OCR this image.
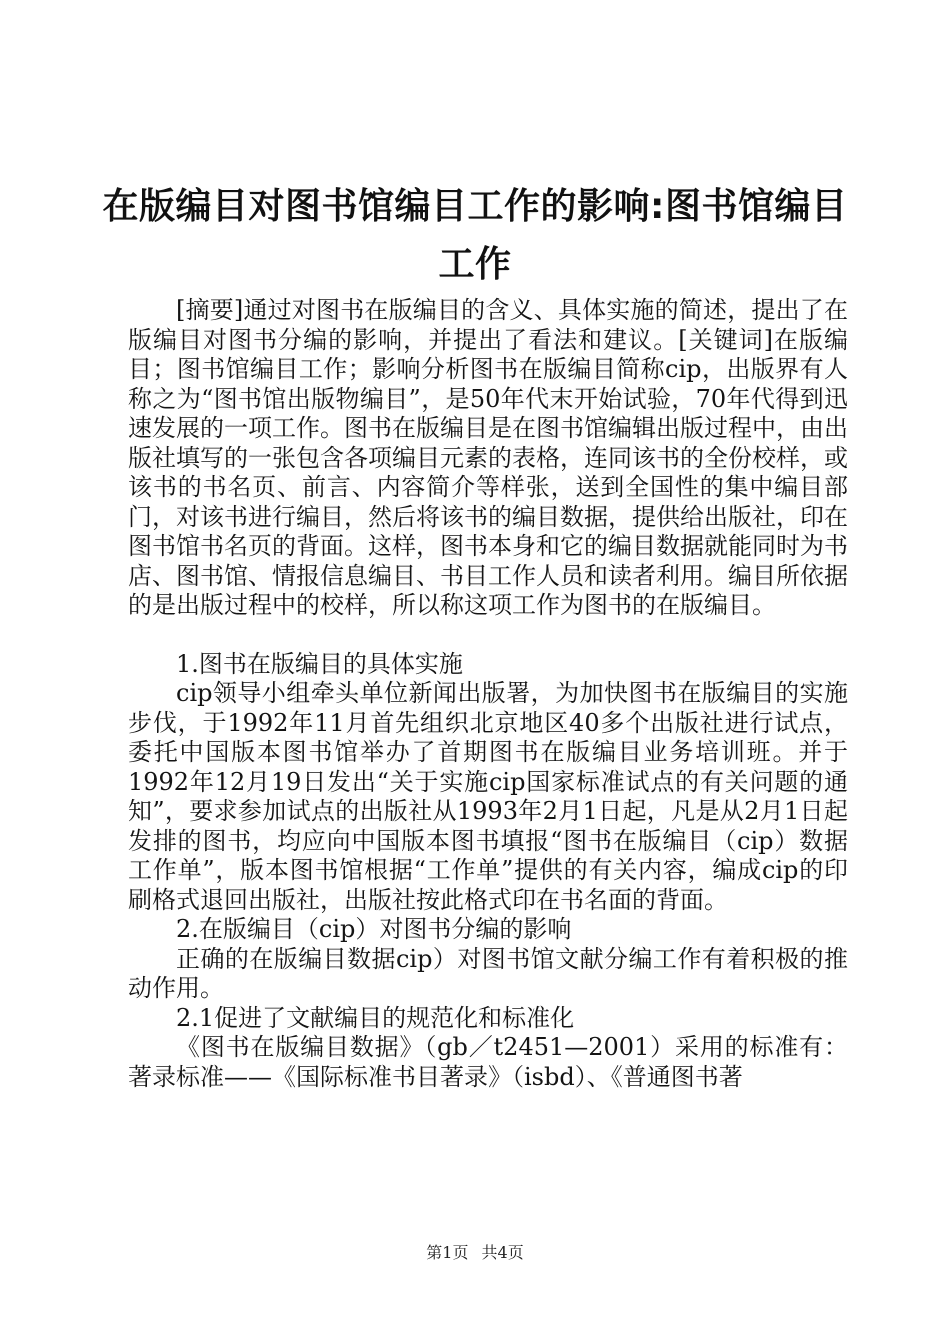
在版编目对图书馆编目工作的影响:图书馆编目工作

[摘要]通过对图书在版编目的含义、具体实施的简述，提出了在版编目对图书分编的影响，并提出了看法和建议。[关键词]在版编目；图书馆编目工作；影响分析图书在版编目简称cip，出版界有人称之为“图书馆出版物编目”，是50年代末开始试验，70年代得到迅速发展的一项工作。图书在版编目是在图书馆编辑出版过程中，由出版社填写的一张包含各项编目元素的表格，连同该书的全份校样，或该书的书名页、前言、内容简介等样张，送到全国性的集中编目部门，对该书进行编目，然后将该书的编目数据，提供给出版社，印在图书馆书名页的背面。这样，图书本身和它的编目数据就能同时为书店、图书馆、情报信息编目、书目工作人员和读者利用。编目所依据的是出版过程中的校样，所以称这项工作为图书的在版编目。

1.图书在版编目的具体实施

cip领导小组牵头单位新闻出版署，为加快图书在版编目的实施步伐，于1992年11月首先组织北京地区40多个出版社进行试点，委托中国版本图书馆举办了首期图书在版编目业务培训班。并于1992年12月19日发出“关于实施cip国家标准试点的有关问题的通知”，要求参加试点的出版社从1993年2月1日起，凡是从2月1日起发排的图书，均应向中国版本图书填报“图书在版编目（cip）数据工作单”，版本图书馆根据“工作单”提供的有关内容，编成cip的印刷格式退回出版社，出版社按此格式印在书名面的背面。

2.在版编目（cip）对图书分编的影响

正确的在版编目数据cip）对图书馆文献分编工作有着积极的推动作用。

2.1促进了文献编目的规范化和标准化

《图书在版编目数据》（gb／t2451—2001）采用的标准有：著录标准——《国际标准书目著录》（isbd）、《普通图书著

第1页 共4页
